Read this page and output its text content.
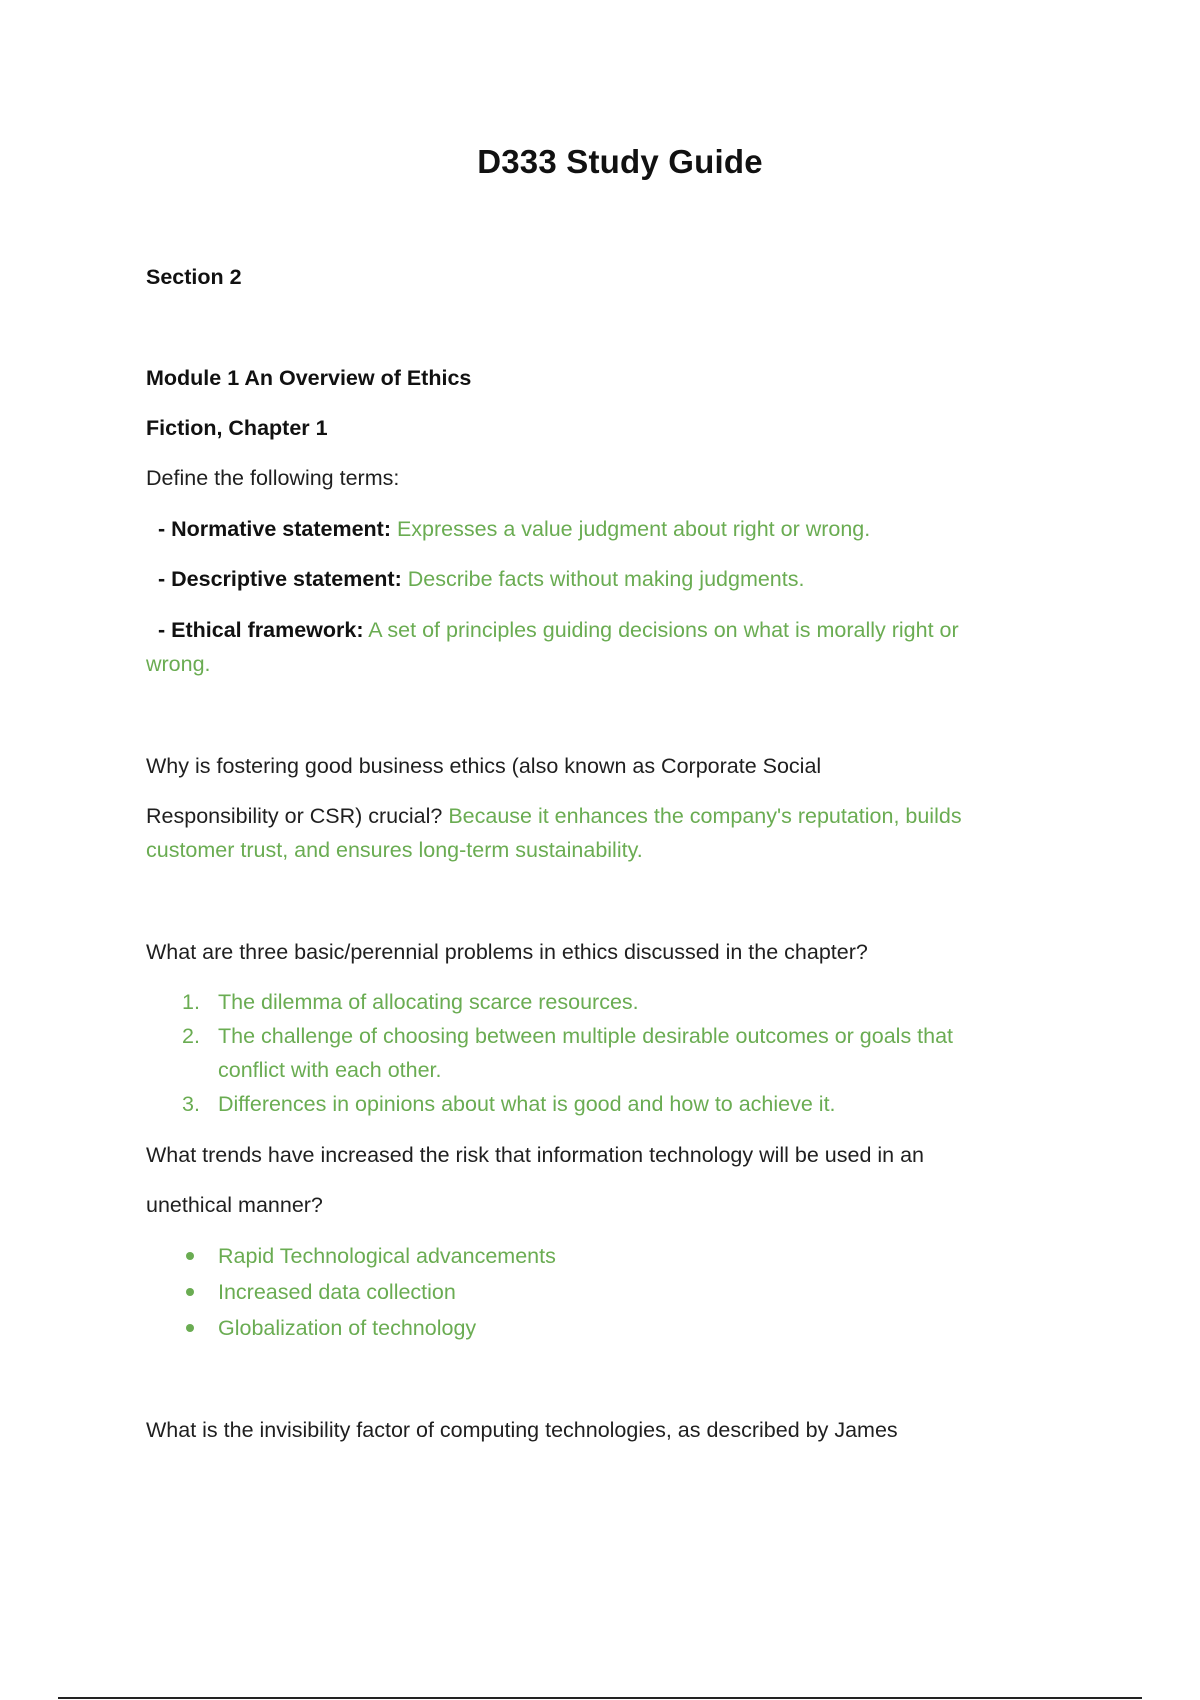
D333 Study Guide
Section 2
Module 1 An Overview of Ethics
Fiction, Chapter 1
Define the following terms:
- Normative statement: Expresses a value judgment about right or wrong.
- Descriptive statement: Describe facts without making judgments.
- Ethical framework: A set of principles guiding decisions on what is morally right or
wrong.
Why is fostering good business ethics (also known as Corporate Social
Responsibility or CSR) crucial? Because it enhances the company's reputation, builds
customer trust, and ensures long-term sustainability.
What are three basic/perennial problems in ethics discussed in the chapter?
1. The dilemma of allocating scarce resources.
2. The challenge of choosing between multiple desirable outcomes or goals that
conflict with each other.
3. Differences in opinions about what is good and how to achieve it.
What trends have increased the risk that information technology will be used in an
unethical manner?
Rapid Technological advancements
Increased data collection
Globalization of technology
What is the invisibility factor of computing technologies, as described by James
